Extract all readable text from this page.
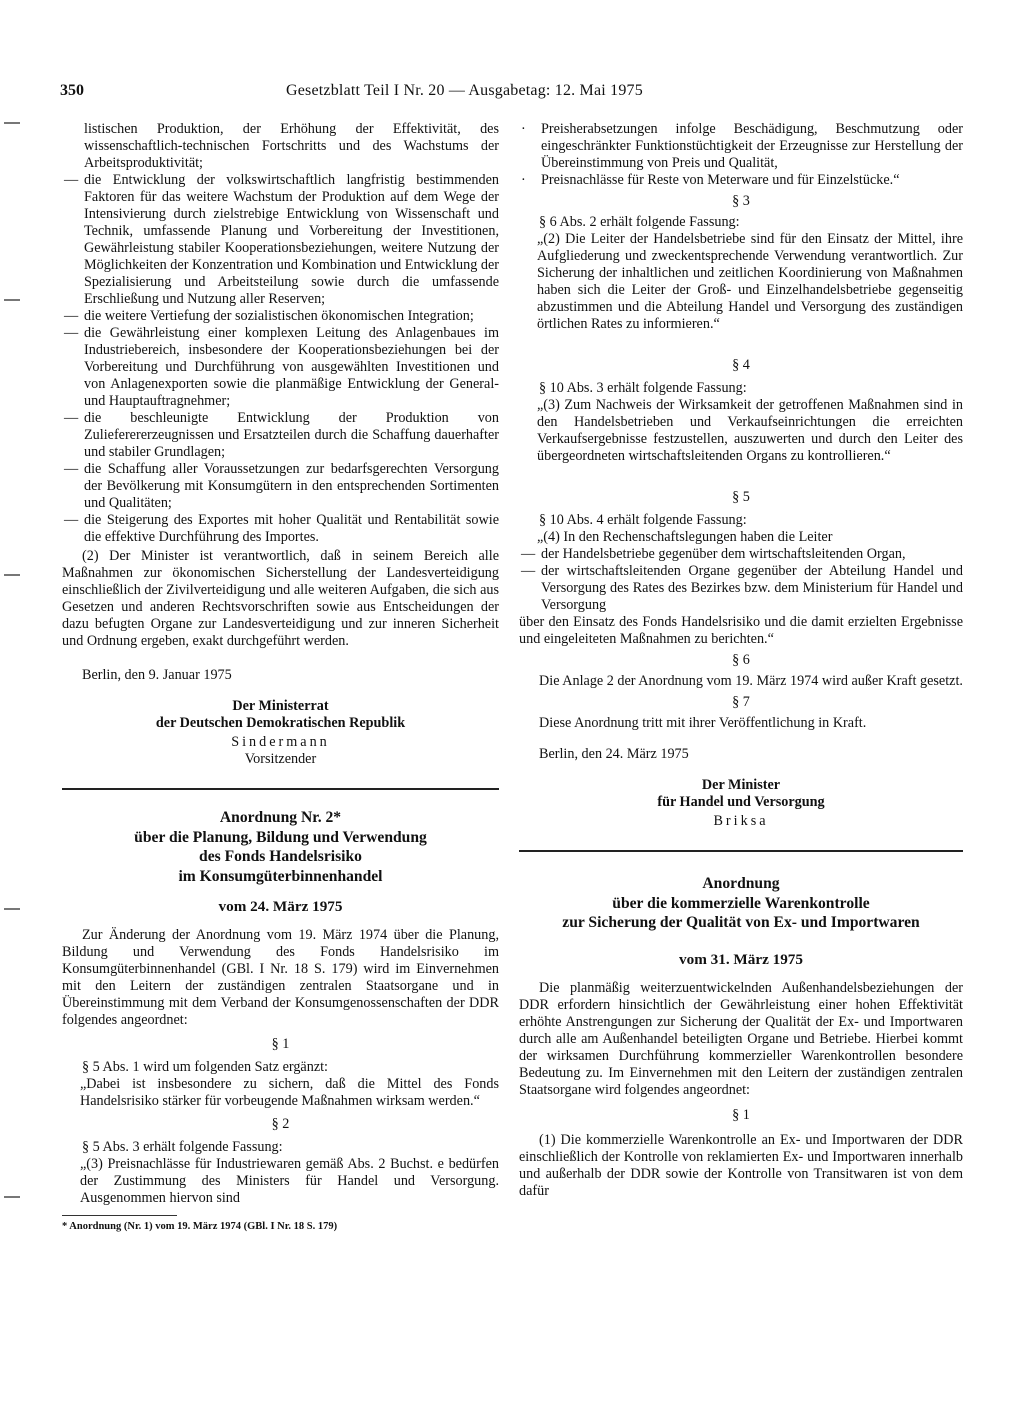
350	Gesetzblatt Teil I Nr. 20 — Ausgabetag: 12. Mai 1975

listischen Produktion, der Erhöhung der Effektivität, des wissenschaftlich-technischen Fortschritts und des Wachstums der Arbeitsproduktivität;

— die Entwicklung der volkswirtschaftlich langfristig bestimmenden Faktoren für das weitere Wachstum der Produktion auf dem Wege der Intensivierung durch zielstrebige Entwicklung von Wissenschaft und Technik, umfassende Planung und Vorbereitung der Investitionen, Gewährleistung stabiler Kooperationsbeziehungen, weitere Nutzung der Möglichkeiten der Konzentration und Kombination und Entwicklung der Spezialisierung und Arbeitsteilung sowie durch die umfassende Erschließung und Nutzung aller Reserven;
— die weitere Vertiefung der sozialistischen ökonomischen Integration;
— die Gewährleistung einer komplexen Leitung des Anlagenbaues im Industriebereich, insbesondere der Kooperationsbeziehungen bei der Vorbereitung und Durchführung von ausgewählten Investitionen und von Anlagenexporten sowie die planmäßige Entwicklung der General- und Hauptauftragnehmer;
— die beschleunigte Entwicklung der Produktion von Zulieferererzeugnissen und Ersatzteilen durch die Schaffung dauerhafter und stabiler Grundlagen;
— die Schaffung aller Voraussetzungen zur bedarfsgerechten Versorgung der Bevölkerung mit Konsumgütern in den entsprechenden Sortimenten und Qualitäten;
— die Steigerung des Exportes mit hoher Qualität und Rentabilität sowie die effektive Durchführung des Importes.

(2) Der Minister ist verantwortlich, daß in seinem Bereich alle Maßnahmen zur ökonomischen Sicherstellung der Landesverteidigung einschließlich der Zivilverteidigung und alle weiteren Aufgaben, die sich aus Gesetzen und anderen Rechtsvorschriften sowie aus Entscheidungen der dazu befugten Organe zur Landesverteidigung und zur inneren Sicherheit und Ordnung ergeben, exakt durchgeführt werden.

Berlin, den 9. Januar 1975

Der Ministerrat

der Deutschen Demokratischen Republik

Sindermann

Vorsitzender

Anordnung Nr. 2*

über die Planung, Bildung und Verwendung

des Fonds Handelsrisiko

im Konsumgüterbinnenhandel

vom 24. März 1975

Zur Änderung der Anordnung vom 19. März 1974 über die Planung, Bildung und Verwendung des Fonds Handelsrisiko im Konsumgüterbinnenhandel (GBl. I Nr. 18 S. 179) wird im Einvernehmen mit den Leitern der zuständigen zentralen Staatsorgane und in Übereinstimmung mit dem Verband der Konsumgenossenschaften der DDR folgendes angeordnet:

§ 1

§ 5 Abs. 1 wird um folgenden Satz ergänzt:

„Dabei ist insbesondere zu sichern, daß die Mittel des Fonds Handelsrisiko stärker für vorbeugende Maßnahmen wirksam werden.“

§ 2

§ 5 Abs. 3 erhält folgende Fassung:

„(3) Preisnachlässe für Industriewaren gemäß Abs. 2 Buchst. e bedürfen der Zustimmung des Ministers für Handel und Versorgung. Ausgenommen hiervon sind

* Anordnung (Nr. 1) vom 19. März 1974 (GBl. I Nr. 18 S. 179)

· Preisherabsetzungen infolge Beschädigung, Beschmutzung oder eingeschränkter Funktionstüchtigkeit der Erzeugnisse zur Herstellung der Übereinstimmung von Preis und Qualität,
· Preisnachlässe für Reste von Meterware und für Einzelstücke.“

§ 3

§ 6 Abs. 2 erhält folgende Fassung:

„(2) Die Leiter der Handelsbetriebe sind für den Einsatz der Mittel, ihre Aufgliederung und zweckentsprechende Verwendung verantwortlich. Zur Sicherung der inhaltlichen und zeitlichen Koordinierung von Maßnahmen haben sich die Leiter der Groß- und Einzelhandelsbetriebe gegenseitig abzustimmen und die Abteilung Handel und Versorgung des zuständigen örtlichen Rates zu informieren.“

§ 4

§ 10 Abs. 3 erhält folgende Fassung:

„(3) Zum Nachweis der Wirksamkeit der getroffenen Maßnahmen sind in den Handelsbetrieben und Verkaufseinrichtungen die erreichten Verkaufsergebnisse festzustellen, auszuwerten und durch den Leiter des übergeordneten wirtschaftsleitenden Organs zu kontrollieren.“

§ 5

§ 10 Abs. 4 erhält folgende Fassung:

„(4) In den Rechenschaftslegungen haben die Leiter

— der Handelsbetriebe gegenüber dem wirtschaftsleitenden Organ,
— der wirtschaftsleitenden Organe gegenüber der Abteilung Handel und Versorgung des Rates des Bezirkes bzw. dem Ministerium für Handel und Versorgung

über den Einsatz des Fonds Handelsrisiko und die damit erzielten Ergebnisse und eingeleiteten Maßnahmen zu berichten.“

§ 6

Die Anlage 2 der Anordnung vom 19. März 1974 wird außer Kraft gesetzt.

§ 7

Diese Anordnung tritt mit ihrer Veröffentlichung in Kraft.

Berlin, den 24. März 1975

Der Minister

für Handel und Versorgung

Briksa

Anordnung

über die kommerzielle Warenkontrolle

zur Sicherung der Qualität von Ex- und Importwaren

vom 31. März 1975

Die planmäßig weiterzuentwickelnden Außenhandelsbeziehungen der DDR erfordern hinsichtlich der Gewährleistung einer hohen Effektivität erhöhte Anstrengungen zur Sicherung der Qualität der Ex- und Importwaren durch alle am Außenhandel beteiligten Organe und Betriebe. Hierbei kommt der wirksamen Durchführung kommerzieller Warenkontrollen besondere Bedeutung zu. Im Einvernehmen mit den Leitern der zuständigen zentralen Staatsorgane wird folgendes angeordnet:

§ 1

(1) Die kommerzielle Warenkontrolle an Ex- und Importwaren der DDR einschließlich der Kontrolle von reklamierten Ex- und Importwaren innerhalb und außerhalb der DDR sowie der Kontrolle von Transitwaren ist von dem dafür
